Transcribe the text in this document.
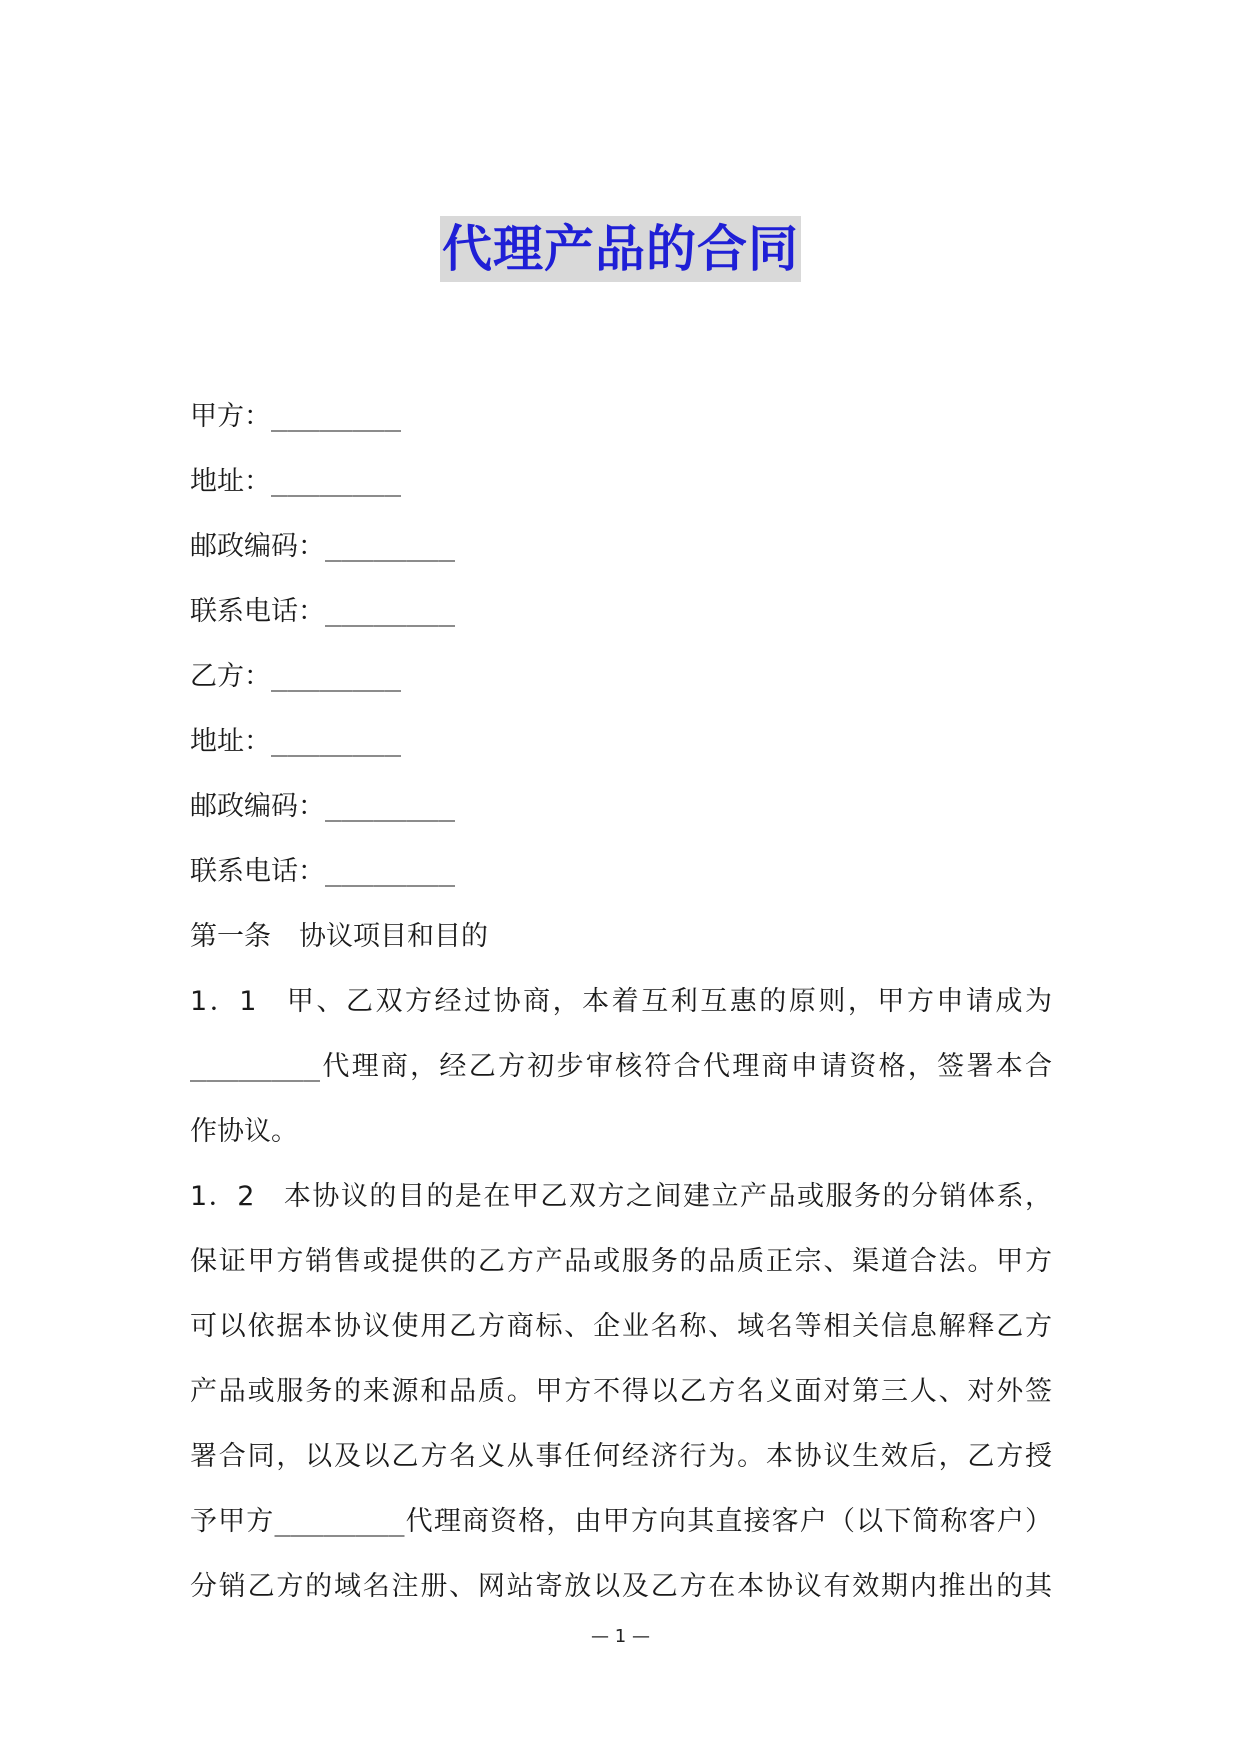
代理产品的合同
甲方：________
地址：________
邮政编码：________
联系电话：________
乙方：________
地址：________
邮政编码：________
联系电话：________
第一条 协议项目和目的
1．1 甲、乙双方经过协商，本着互利互惠的原则，甲方申请成为
________代理商，经乙方初步审核符合代理商申请资格，签署本合
作协议。
1．2 本协议的目的是在甲乙双方之间建立产品或服务的分销体系，
保证甲方销售或提供的乙方产品或服务的品质正宗、渠道合法。甲方
可以依据本协议使用乙方商标、企业名称、域名等相关信息解释乙方
产品或服务的来源和品质。甲方不得以乙方名义面对第三人、对外签
署合同，以及以乙方名义从事任何经济行为。本协议生效后，乙方授
予甲方________代理商资格，由甲方向其直接客户（以下简称客户）
分销乙方的域名注册、网站寄放以及乙方在本协议有效期内推出的其
— 1 —
